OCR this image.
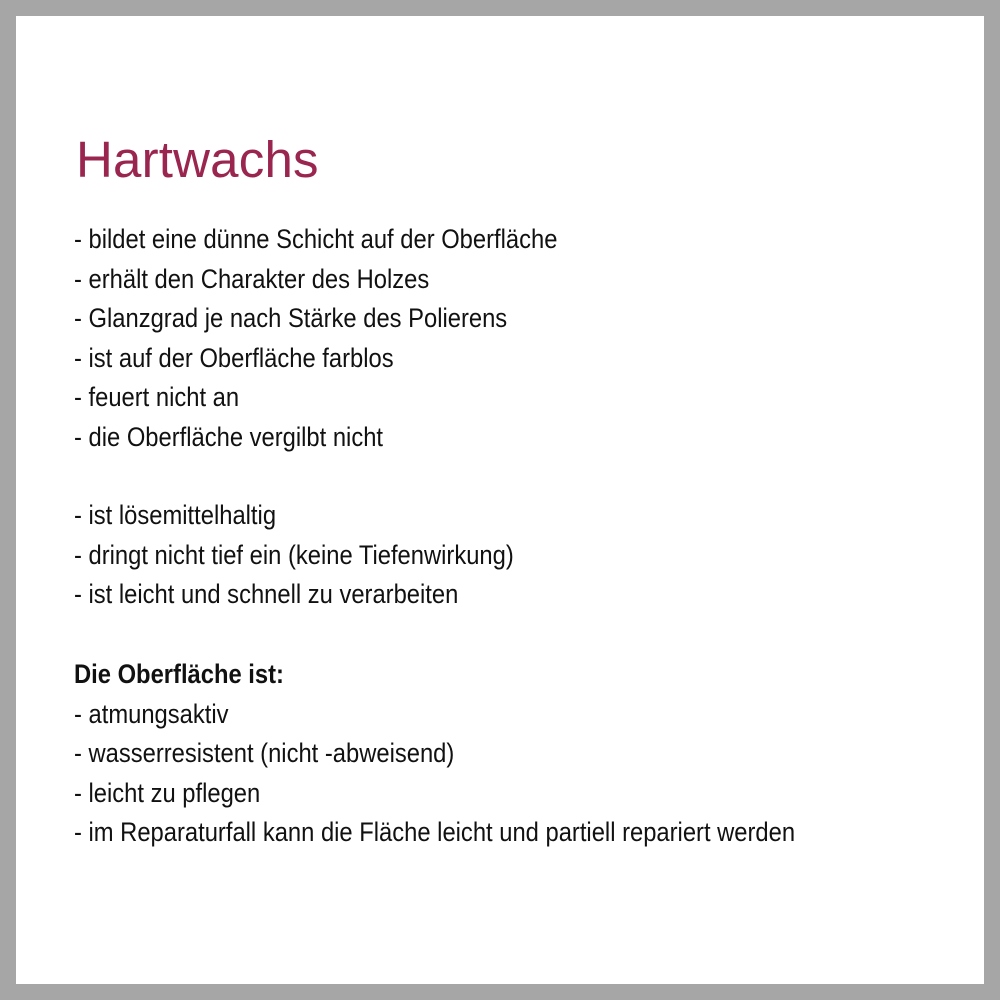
Hartwachs
- bildet eine dünne Schicht auf der Oberfläche
- erhält den Charakter des Holzes
- Glanzgrad je nach Stärke des Polierens
- ist auf der Oberfläche farblos
- feuert nicht an
- die Oberfläche vergilbt nicht
- ist lösemittelhaltig
- dringt nicht tief ein (keine Tiefenwirkung)
- ist leicht und schnell zu verarbeiten
Die Oberfläche ist:
- atmungsaktiv
- wasserresistent (nicht -abweisend)
- leicht zu pflegen
- im Reparaturfall kann die Fläche leicht und partiell repariert werden
